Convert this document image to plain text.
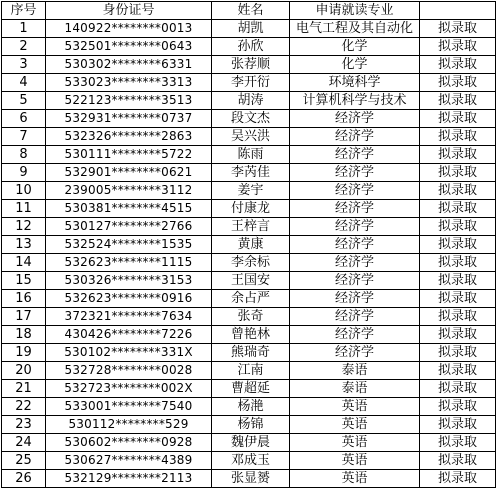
序号	身份证号	姓名	申请就读专业	
1	140922********0013	胡凯	电气工程及其自动化	拟录取
2	532501********0643	孙欣	化学	拟录取
3	530302********6331	张荐顺	化学	拟录取
4	533023********3313	李开衍	环境科学	拟录取
5	522123********3513	胡涛	计算机科学与技术	拟录取
6	532931********0737	段文杰	经济学	拟录取
7	532326********2863	吴兴洪	经济学	拟录取
8	530111********5722	陈雨	经济学	拟录取
9	532901********0621	李芮佳	经济学	拟录取
10	239005********3112	姜宇	经济学	拟录取
11	530381********4515	付康龙	经济学	拟录取
12	530127********2766	王梓言	经济学	拟录取
13	532524********1535	黄康	经济学	拟录取
14	532623********1115	李余标	经济学	拟录取
15	530326********3153	王国安	经济学	拟录取
16	532623********0916	余占严	经济学	拟录取
17	372321********7634	张奇	经济学	拟录取
18	430426********7226	曾艳林	经济学	拟录取
19	530102********331X	熊瑞奇	经济学	拟录取
20	532728********0028	江南	泰语	拟录取
21	532723********002X	曹超延	泰语	拟录取
22	533001********7540	杨滟	英语	拟录取
23	530112********529	杨锦	英语	拟录取
24	530602********0928	魏伊晨	英语	拟录取
25	530627********4389	邓成玉	英语	拟录取
26	532129********2113	张显赟	英语	拟录取
